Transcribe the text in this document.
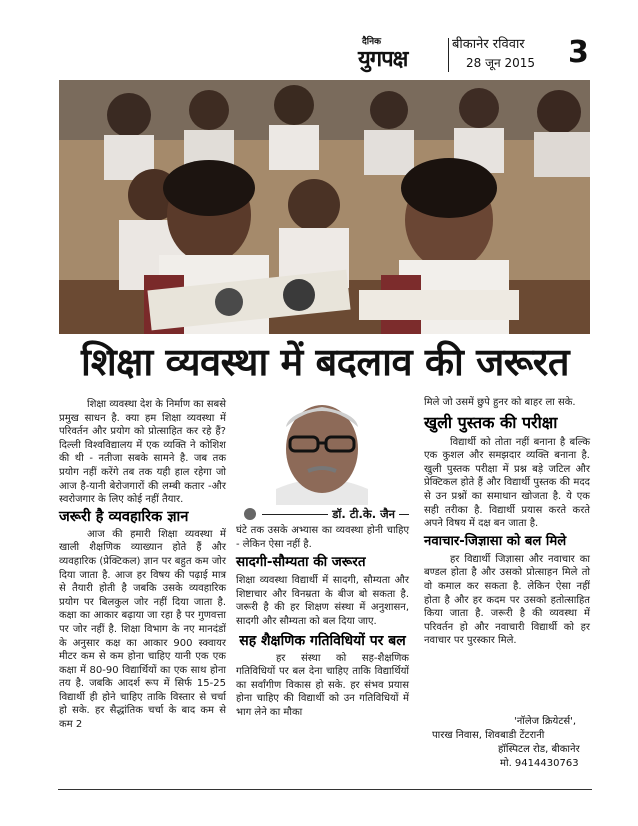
दैनिक
युगपक्ष
बीकानेर रविवार
28 जून 2015 3
शिक्षा व्यवस्था में बदलाव की जरूरत

शिक्षा व्यवस्था देश के निर्माण का सबसे प्रमुख साधन है. क्या हम शिक्षा व्यवस्था में परिवर्तन और प्रयोग को प्रोत्साहित कर रहे हैं? दिल्ली विश्वविद्यालय में एक व्यक्ति ने कोशिश की थी - नतीजा सबके सामने है. जब तक प्रयोग नहीं करेंगे तब तक यही हाल रहेगा जो आज है-यानी बेरोजगारों की लम्बी कतार -और स्वरोजगार के लिए कोई नहीं तैयार.

जरूरी है व्यवहारिक ज्ञान

आज की हमारी शिक्षा व्यवस्था में खाली शैक्षणिक व्याख्यान होते हैं और व्यवहारिक (प्रेक्टिकल) ज्ञान पर बहुत कम जोर दिया जाता है. आज हर विषय की पढ़ाई मात्र से तैयारी होती है जबकि उसके व्यवहारिक प्रयोग पर बिलकुल जोर नहीं दिया जाता है. कक्षा का आकार बढ़ाया जा रहा है पर गुणवत्ता पर जोर नहीं है. शिक्षा विभाग के नए मानदंडों के अनुसार कक्ष का आकार 900 स्क्वायर मीटर कम से कम होना चाहिए यानी एक एक कक्षा में 80-90 विद्यार्थियों का एक साथ होना तय है. जबकि आदर्श रूप में सिर्फ 15-25 विद्यार्थी ही होने चाहिए ताकि विस्तार से चर्चा हो सके. हर सैद्धांतिक चर्चा के बाद कम से कम 2

डॉ. टी.के. जैन

घंटे तक उसके अभ्यास का व्यवस्था होनी चाहिए - लेकिन ऐसा नहीं है.

सादगी-सौम्यता की जरूरत

शिक्षा व्यवस्था विद्यार्थी में सादगी, सौम्यता और शिष्टाचार और विनम्रता के बीज बो सकता है. जरूरी है की हर शिक्षण संस्था में अनुशासन, सादगी और सौम्यता को बल दिया जाए.

सह शैक्षणिक गतिविधियों पर बल

हर संस्था को सह-शैक्षणिक गतिविधियों पर बल देना चाहिए ताकि विद्यार्थियों का सर्वांगीण विकास हो सके. हर संभव प्रयास होना चाहिए की विद्यार्थी को उन गतिविधियों में भाग लेने का मौका

मिले जो उसमें छुपे हुनर को बाहर ला सके.

खुली पुस्तक की परीक्षा

विद्यार्थी को तोता नहीं बनाना है बल्कि एक कुशल और समझदार व्यक्ति बनाना है. खुली पुस्तक परीक्षा में प्रश्न बड़े जटिल और प्रेक्टिकल होते हैं और विद्यार्थी पुस्तक की मदद से उन प्रश्नों का समाधान खोजता है. ये एक सही तरीका है. विद्यार्थी प्रयास करते करते अपने विषय में दक्ष बन जाता है.

नवाचार-जिज्ञासा को बल मिले

हर विद्यार्थी जिज्ञासा और नवाचार का बण्डल होता है और उसको प्रोत्साहन मिले तो वो कमाल कर सकता है. लेकिन ऐसा नहीं होता है और हर कदम पर उसको हतोत्साहित किया जाता है. जरूरी है की व्यवस्था में परिवर्तन हो और नवाचारी विद्यार्थी को हर नवाचार पर पुरस्कार मिले.

'नॉलेज क्रियेटर्स',
पारख निवास, शिवबाडी टेंटरानी
हॉस्पिटल रोड, बीकानेर
मो. 9414430763
